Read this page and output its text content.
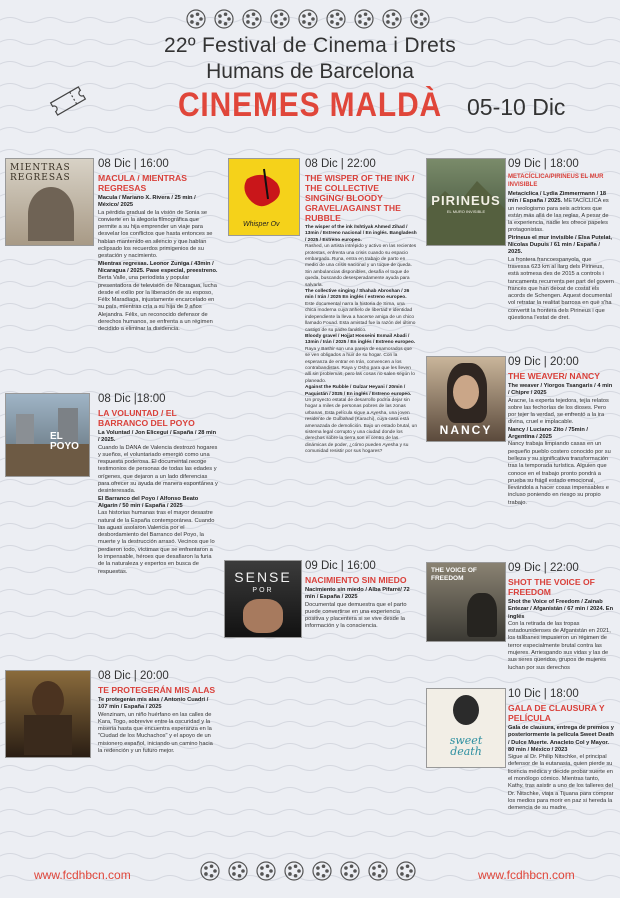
22º Festival de Cinema i Drets
Humans de Barcelona
CINEMES MALDÀ	05-10 Dic
MIENTRAS REGRESAS
Whisper Ov
PIRINEUS
EL MURO INVISIBLE
EL POYO
NANCY
SENSE
POR
THE VOICE OF FREEDOM
sweet death
08 Dic | 16:00
MACULA / MIENTRAS REGRESAS
Macula / Mariano X. Rivera / 25 min / México/ 2025
La pérdida gradual de la visión de Sonia se convierte en la alegoría filmográfica que permite a su hija emprender un viaje para desvelar los conflictos que hasta entonces se habían mantenido en silencio y que habían eclipsado los recuerdos primigenios de su gestación y nacimiento.
Mientras regresas. Leonor Zuniga / 43min / Nicaragua / 2025. Pase especial, preestreno.
Berta Valle, una periodista y popular presentadora de televisión de Nicaragua, lucha desde el exilio por la liberación de su esposo, Félix Maradiaga, injustamente encarcelado en su país, mientras cría a su hija de 9 años Alejandra. Félix, un reconocido defensor de derechos humanos, se enfrenta a un régimen decidido a eliminar la disidencia.
08 Dic | 22:00
THE WISPER OF THE INK / THE COLLECTIVE SINGING/ BLOODY GRAVEL/AGAINST THE RUBBLE
The wisper of the ink /Ishtiyak Ahmed Zihad / 13min / Estreno nacional / En inglés. Bangladesh / 2025 / Estreno europeo.
Rashed, un artista intrépido y activo en las recientes protestas, enfrenta una crisis cuando su espacio embargado. Runa, entra en trabajo de parto en medio de una crisis nacional y un toque de queda. Sin ambulancias disponibles, desafía el toque de queda, buscando desesperadamente ayuda para salvarla.
The collective singing / Shahab Abroshan / 26 min / Irán / 2025 En inglés / estreno europeo.
Este documental narra la historia de Sima, una chica moderna cuya anhelo de libertad e identidad independiente la lleva a hacerse amiga de un chico llamado Fouad. Esta amistad fue la razón del último castigo de su padre fanático.
Bloody gravel / Hojjat Hosseini Esmail Abadi / 13min / Irán / 2025 / En inglés / Estreno europeo.
Raya y Bashir son una pareja de enamorados que se ven obligados a huir de su hogar. Con la esperanza de entrar en Irán, convencen a los contrabandistas. Raya y Osho para que les lleven allí sin problemas, pero las cosas no salen según lo planeado.
Against the Rubble / Gulzar Heyani / 20min / Paquistán / 2025 / En inglés / Estreno europeo.
Un proyecto estatal de desarrollo podría dejar sin hogar a miles de personas pobres de las zonas urbanas. Esta película sigue a Ayesha, una joven residente de Gulbahad (Karachi), cuya casa está amenazada de demolición. Bajo un estado brutal, un sistema legal corrupto y una ciudad donde los derechos sobre la tierra son el centro de las dinámicas de poder, ¿cómo pueden Ayesha y su comunidad resistir por sus hogares?
09 Dic | 18:00
METACÍCLICA/PIRINEUS EL MUR INVISIBLE
Metacíclica / Lydia Zimmermann / 18 min / España / 2025. METACÍCLICA es un neologismo para seis actrices que están más allá de las reglas. A pesar de la experiencia, nadie les ofrece papeles protagonistas.
Pirineus el mur invisible / Elsa Putelat, Nicolas Dupuis / 61 min / España / 2025.
La frontera francoespanyola, que travessa 623 km al llarg dels Pirineus, està sotmesa des de 2015 a controls i tancaments recurrents per part del govern francès que han deixat de costat els acords de Schengen. Aquest documental vol retratar la realitat barrosa en què s'ha convertit la frontera dels Pirineus i que qüestiona l'estat de dret.
08 Dic |18:00
LA VOLUNTAD / EL BARRANCO DEL POYO
La Voluntad / Jon Elicegui / España / 28 min / 2025.
Cuando la DANA de Valencia destrozó hogares y sueños, el voluntariado emergió como una respuesta poderosa. El documental recoge testimonios de personas de todas las edades y orígenes, que dejaron a un lado diferencias para ofrecer su ayuda de manera espontánea y desinteresada.
El Barranco del Poyo / Alfonso Beato Algarín / 50 min / España / 2025
Las historias humanas tras el mayor desastre natural de la España contemporánea. Cuando las aguas asolaron Valencia por el desbordamiento del Barranco del Poyo, la muerte y la destrucción arrasó. Vecinos que lo perdieron todo, víctimas que se enfrentaron a lo impensable, héroes que desafiaron la furia de la naturaleza y expertos en busca de respuestas.
09 Dic | 20:00
THE WEAVER/ NANCY
The weaver / Yiorgos Tsangaris / 4 min / Chipre / 2025
Aracne, la experta tejedora, tejía relatos sobre las fechorías de los dioses. Pero por tejer la verdad, se enfrentó a la ira divina, cruel e implacable.
Nancy / Luciano Zito / 75min / Argentina / 2025
Nancy trabaja limpiando casas en un pequeño pueblo costero conocido por su belleza y su significativa transformación tras la temporada turística. Alguien que conoce en el trabajo pronto pondrá a prueba su frágil estado emocional, llevándola a hacer cosas impensables e incluso poniendo en riesgo su propio trabajo.
09 Dic | 16:00
NACIMIENTO SIN MIEDO
Nacimiento sin miedo / Alba Pifarré/ 72 min / España / 2025
Documental que demuestra que el parto puede convertirse en una experiencia positiva y placentera si se vive desde la información y la consciencia.
09 Dic | 22:00
SHOT THE VOICE OF FREEDOM
Shot the Voice of Freedom / Zainab Entezar / Afganistán / 67 min / 2024. En inglés
Con la retirada de las tropas estadounidenses de Afganistán en 2021, los talibanes impusieron un régimen de terror especialmente brutal contra las mujeres. Arriesgando sus vidas y las de sus seres queridos, grupos de mujeres luchan por sus derechos
08 Dic | 20:00
TE PROTEGERÁN MIS ALAS
Te protegerán mis alas / Antonio Cuadri / 107 min / España / 2025
Wenzinam, un niño huérfano en las calles de Kara, Togo, sobrevive entre la oscuridad y la miseria hasta que encuentra esperanza en la "Ciudad de los Muchachos" y el apoyo de un misionero español, iniciando un camino hacia la redención y un futuro mejor.
10 Dic | 18:00
GALA DE CLAUSURA Y PELÍCULA
Gala de clausura, entrega de premios y posteriormente la película Sweet Death / Dulce Muerte. Anacleto Col y Mayor. 80 min / México / 2023
Sigue al Dr. Philip Nitschke, el principal defensor de la eutanasia, quien pierde su licencia médica y decide probar suerte en el monólogo cómico. Mientras tanto, Kathy, tras asistir a uno de los talleres del Dr. Nitschke, viaja a Tijuana para comprar los medios para morir en paz si hereda la demencia de su madre.
www.fcdhbcn.com	www.fcdhbcn.com
